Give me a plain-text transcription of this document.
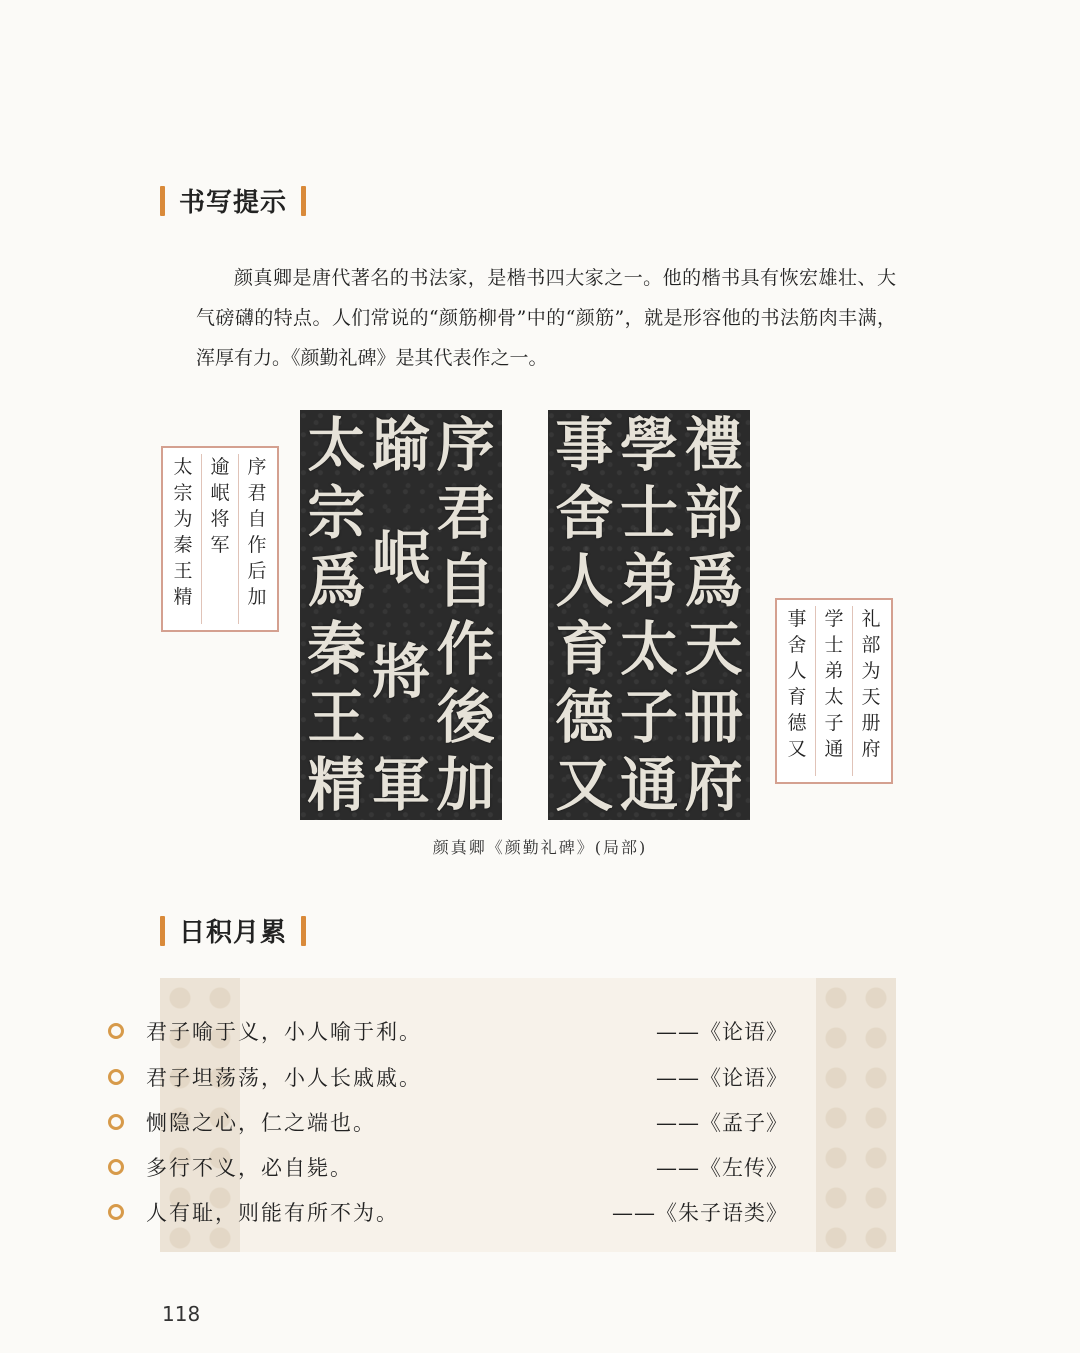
书写提示
颜真卿是唐代著名的书法家，是楷书四大家之一。他的楷书具有恢宏雄壮、大气磅礴的特点。人们常说的“颜筋柳骨”中的“颜筋”，就是形容他的书法筋肉丰满，浑厚有力。《颜勤礼碑》是其代表作之一。
序
君
自
作
后
加
逾
岷
将
军
太
宗
为
秦
王
精
序
君
自
作
後
加
踰
岷
將
軍
太
宗
爲
秦
王
精
禮
部
爲
天
冊
府
學
士
弟
太
子
通
事
舍
人
育
德
又
礼
部
为
天
册
府
学
士
弟
太
子
通
事
舍
人
育
德
又
颜真卿《颜勤礼碑》(局部)
日积月累
君子喻于义，小人喻于利。	——《论语》
君子坦荡荡，小人长戚戚。	——《论语》
恻隐之心，仁之端也。	——《孟子》
多行不义，必自毙。	——《左传》
人有耻，则能有所不为。	——《朱子语类》
118
